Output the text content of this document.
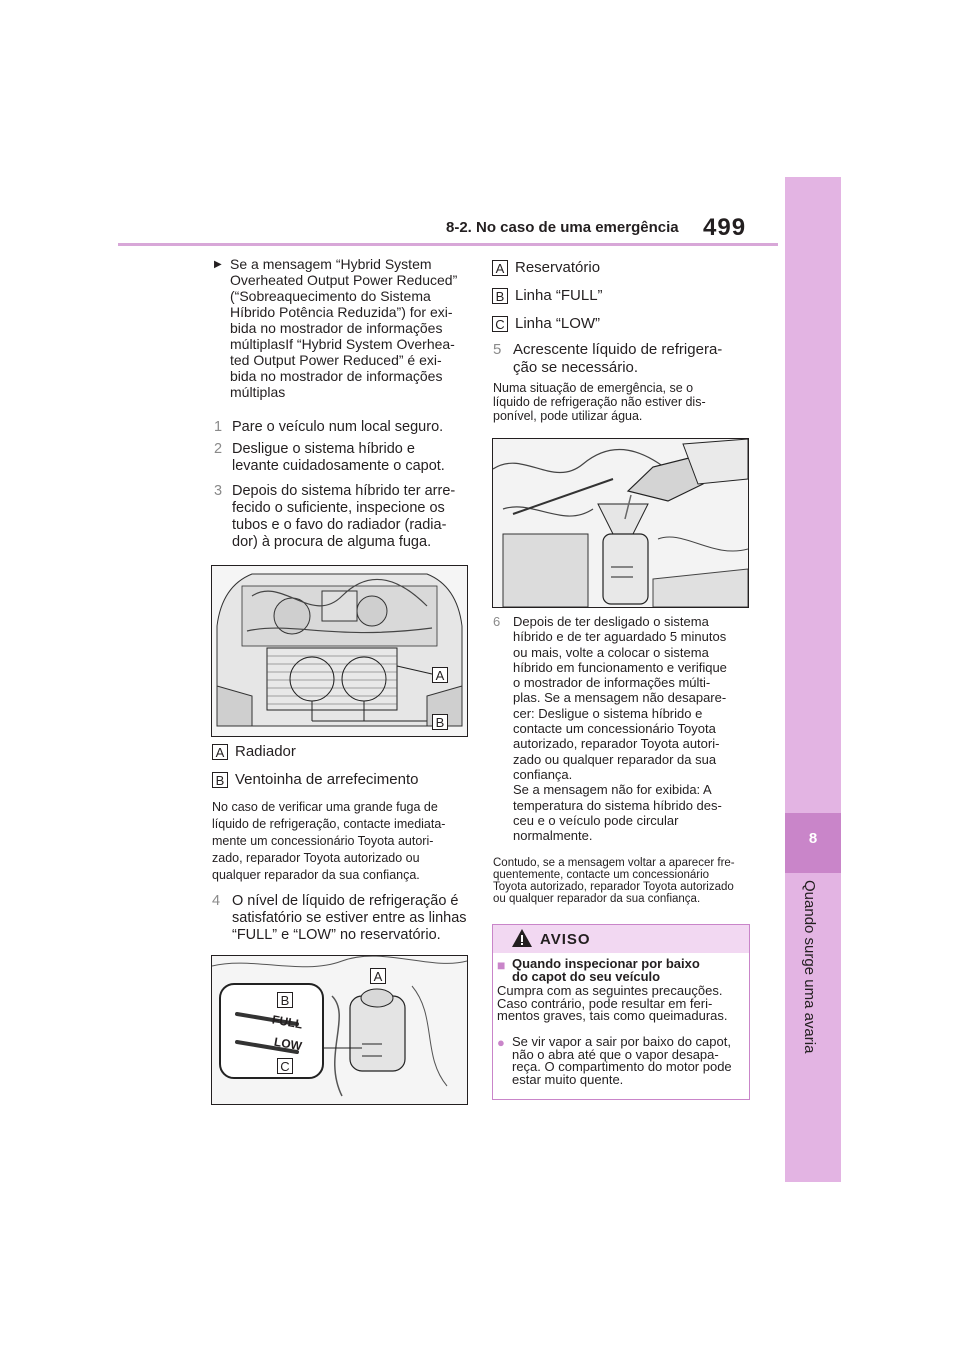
8-2. No caso de uma emergência 499
8
Quando surge uma avaria
▶ Se a mensagem “Hybrid System
Overheated Output Power Reduced”
(“Sobreaquecimento do Sistema
Híbrido Potência Reduzida”) for exi-
bida no mostrador de informações
múltiplasIf “Hybrid System Overhea-
ted Output Power Reduced” é exi-
bida no mostrador de informações
múltiplas
1 Pare o veículo num local seguro.
2 Desligue o sistema híbrido e
levante cuidadosamente o capot.
3 Depois do sistema híbrido ter arre-
fecido o suficiente, inspecione os
tubos e o favo do radiador (radia-
dor) à procura de alguma fuga.
A
B
A Radiador
B Ventoinha de arrefecimento
No caso de verificar uma grande fuga de
líquido de refrigeração, contacte imediata-
mente um concessionário Toyota autori-
zado, reparador Toyota autorizado ou
qualquer reparador da sua confiança.
4 O nível de líquido de refrigeração é
satisfatório se estiver entre as linhas
“FULL” e “LOW” no reservatório.
FULL
LOW
B
C
A
A Reservatório
B Linha “FULL”
C Linha “LOW”
5 Acrescente líquido de refrigera-
ção se necessário.
Numa situação de emergência, se o
líquido de refrigeração não estiver dis-
ponível, pode utilizar água.
6 Depois de ter desligado o sistema
híbrido e de ter aguardado 5 minutos
ou mais, volte a colocar o sistema
híbrido em funcionamento e verifique
o mostrador de informações múlti-
plas. Se a mensagem não desapare-
cer: Desligue o sistema híbrido e
contacte um concessionário Toyota
autorizado, reparador Toyota autori-
zado ou qualquer reparador da sua
confiança.
Se a mensagem não for exibida: A
temperatura do sistema híbrido des-
ceu e o veículo pode circular
normalmente.
Contudo, se a mensagem voltar a aparecer fre-
quentemente, contacte um concessionário
Toyota autorizado, reparador Toyota autorizado
ou qualquer reparador da sua confiança.
AVISO
■ Quando inspecionar por baixo
do capot do seu veículo
Cumpra com as seguintes precauções.
Caso contrário, pode resultar em feri-
mentos graves, tais como queimaduras.
● Se vir vapor a sair por baixo do capot,
não o abra até que o vapor desapa-
reça. O compartimento do motor pode
estar muito quente.
